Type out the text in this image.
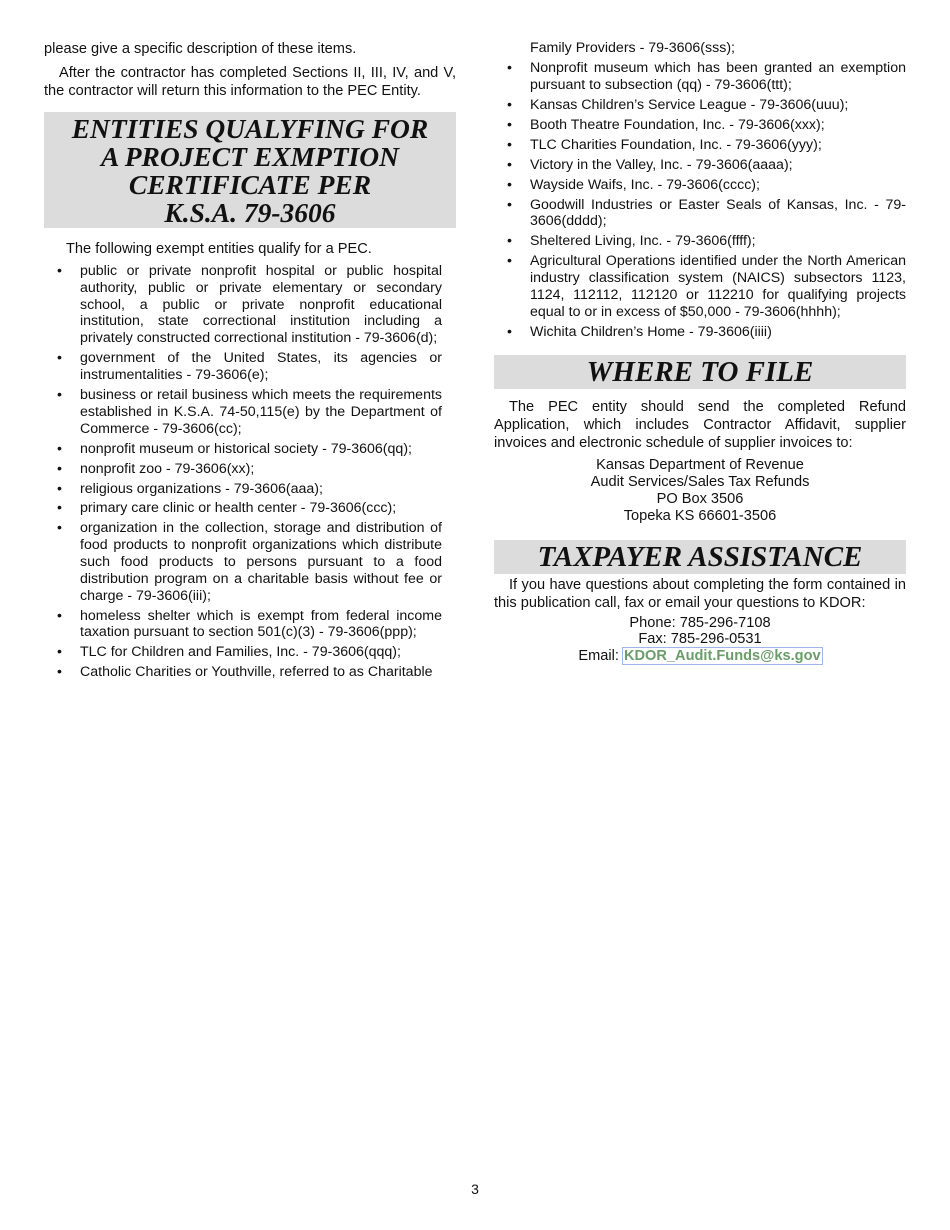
please give a specific description of these items.

After the contractor has completed Sections II, III, IV, and V, the contractor will return this information to the PEC Entity.

ENTITIES QUALYFING FOR
A PROJECT EXMPTION
CERTIFICATE PER
K.S.A. 79-3606

The following exempt entities qualify for a PEC.

• public or private nonprofit hospital or public hospital authority, public or private elementary or secondary school, a public or private nonprofit educational institution, state correctional institution including a privately constructed correctional institution - 79-3606(d);
• government of the United States, its agencies or instrumentalities - 79-3606(e);
• business or retail business which meets the requirements established in K.S.A. 74-50,115(e) by the Department of Commerce - 79-3606(cc);
• nonprofit museum or historical society - 79-3606(qq);
• nonprofit zoo - 79-3606(xx);
• religious organizations - 79-3606(aaa);
• primary care clinic or health center - 79-3606(ccc);
• organization in the collection, storage and distribution of food products to nonprofit organizations which distribute such food products to persons pursuant to a food distribution program on a charitable basis without fee or charge - 79-3606(iii);
• homeless shelter which is exempt from federal income taxation pursuant to section 501(c)(3) - 79-3606(ppp);
• TLC for Children and Families, Inc. - 79-3606(qqq);
• Catholic Charities or Youthville, referred to as Charitable
Family Providers - 79-3606(sss);
• Nonprofit museum which has been granted an exemption pursuant to subsection (qq) - 79-3606(ttt);
• Kansas Children’s Service League - 79-3606(uuu);
• Booth Theatre Foundation, Inc. - 79-3606(xxx);
• TLC Charities Foundation, Inc. - 79-3606(yyy);
• Victory in the Valley, Inc. - 79-3606(aaaa);
• Wayside Waifs, Inc. - 79-3606(cccc);
• Goodwill Industries or Easter Seals of Kansas, Inc. - 79-3606(dddd);
• Sheltered Living, Inc. - 79-3606(ffff);
• Agricultural Operations identified under the North American industry classification system (NAICS) subsectors 1123, 1124, 112112, 112120 or 112210 for qualifying projects equal to or in excess of $50,000 - 79-3606(hhhh);
• Wichita Children’s Home - 79-3606(iiii)
WHERE TO FILE

The PEC entity should send the completed Refund Application, which includes Contractor Affidavit, supplier invoices and electronic schedule of supplier invoices to:

Kansas Department of Revenue
Audit Services/Sales Tax Refunds
PO Box 3506
Topeka KS 66601-3506
TAXPAYER ASSISTANCE

If you have questions about completing the form contained in this publication call, fax or email your questions to KDOR:

Phone: 785-296-7108
Fax: 785-296-0531
Email: KDOR_Audit.Funds@ks.gov
3
